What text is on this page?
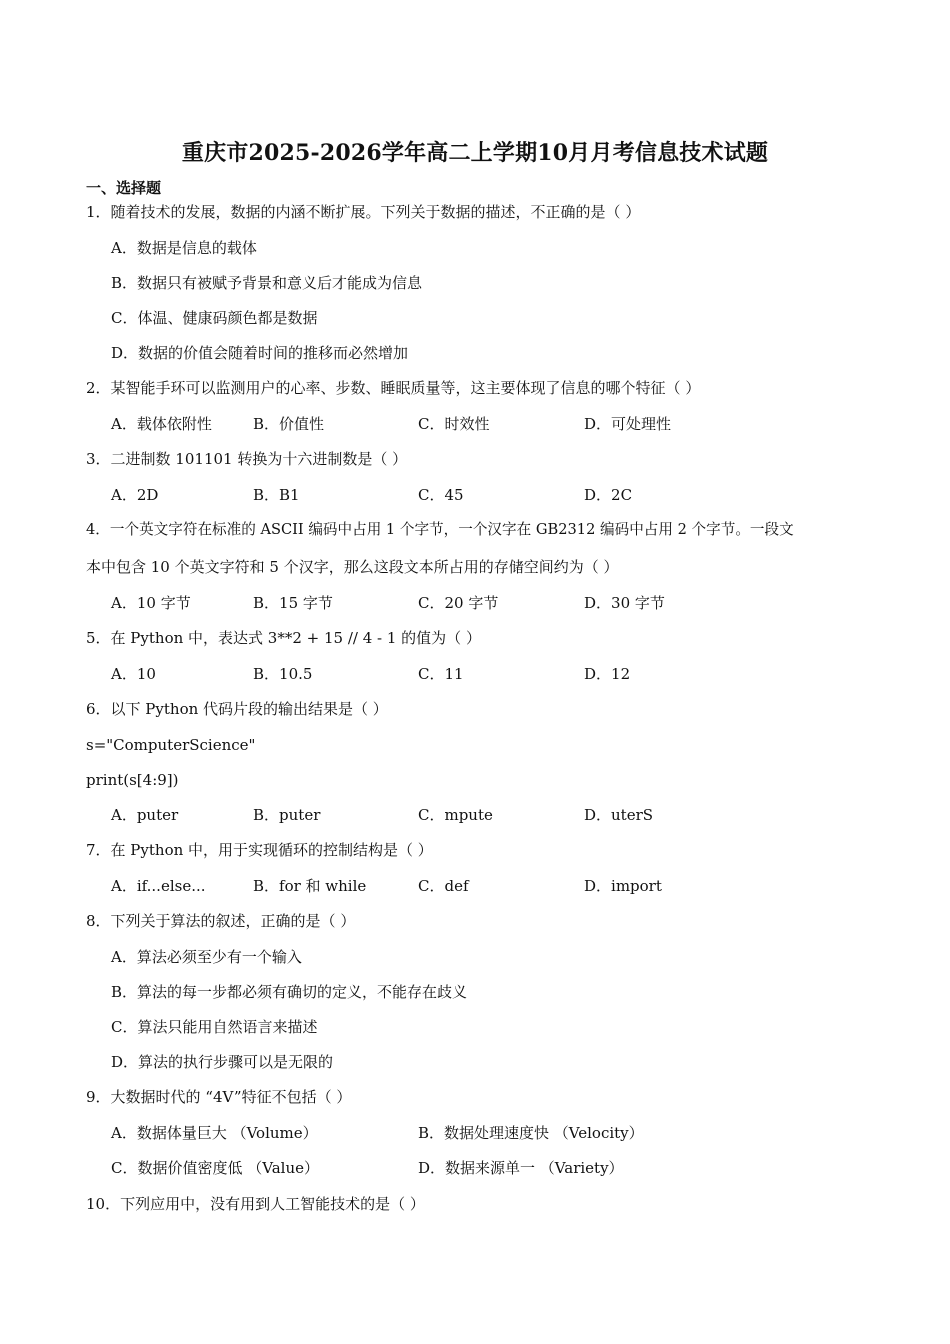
重庆市2025-2026学年高二上学期10月月考信息技术试题
一、选择题
1．随着技术的发展，数据的内涵不断扩展。下列关于数据的描述，不正确的是（ ）
A．数据是信息的载体
B．数据只有被赋予背景和意义后才能成为信息
C．体温、健康码颜色都是数据
D．数据的价值会随着时间的推移而必然增加
2．某智能手环可以监测用户的心率、步数、睡眠质量等，这主要体现了信息的哪个特征（ ）
A．载体依附性	B．价值性	C．时效性	D．可处理性
3．二进制数 101101 转换为十六进制数是（ ）
A．2D	B．B1	C．45	D．2C
4．一个英文字符在标准的 ASCII 编码中占用 1 个字节，一个汉字在 GB2312 编码中占用 2 个字节。一段文
本中包含 10 个英文字符和 5 个汉字，那么这段文本所占用的存储空间约为（ ）
A．10 字节	B．15 字节	C．20 字节	D．30 字节
5．在 Python 中，表达式 3**2 + 15 // 4 - 1 的值为（ ）
A．10	B．10.5	C．11	D．12
6．以下 Python 代码片段的输出结果是（ ）
s="ComputerScience"
print(s[4:9])
A．puter	B．puter	C．mpute	D．uterS
7．在 Python 中，用于实现循环的控制结构是（ ）
A．if...else...	B．for 和 while	C．def	D．import
8．下列关于算法的叙述，正确的是（ ）
A．算法必须至少有一个输入
B．算法的每一步都必须有确切的定义，不能存在歧义
C．算法只能用自然语言来描述
D．算法的执行步骤可以是无限的
9．大数据时代的 “4V”特征不包括（ ）
A．数据体量巨大 （Volume）	B．数据处理速度快 （Velocity）
C．数据价值密度低 （Value）	D．数据来源单一 （Variety）
10．下列应用中，没有用到人工智能技术的是（ ）
